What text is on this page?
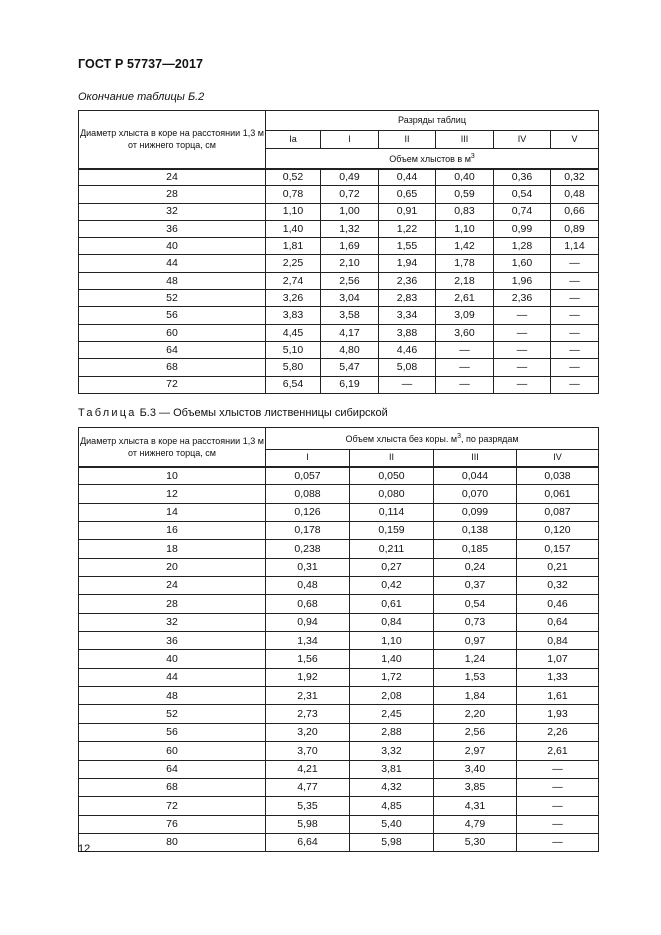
ГОСТ Р 57737—2017
Окончание таблицы Б.2
Диаметр хлыста в коре на расстоянии 1,3 м от нижнего торца, см	Разряды таблиц					
	Ia	I	II	III	IV	V
	Объем хлыстов в $м^3$
24	0,52	0,49	0,44	0,40	0,36	0,32
28	0,78	0,72	0,65	0,59	0,54	0,48
32	1,10	1,00	0,91	0,83	0,74	0,66
36	1,40	1,32	1,22	1,10	0,99	0,89
40	1,81	1,69	1,55	1,42	1,28	1,14
44	2,25	2,10	1,94	1,78	1,60	—
48	2,74	2,56	2,36	2,18	1,96	—
52	3,26	3,04	2,83	2,61	2,36	—
56	3,83	3,58	3,34	3,09	—	—
60	4,45	4,17	3,88	3,60	—	—
64	5,10	4,80	4,46	—	—	—
68	5,80	5,47	5,08	—	—	—
72	6,54	6,19	—	—	—	—
Таблица Б.3 — Объемы хлыстов лиственницы сибирской
Диаметр хлыста в коре на расстоянии 1,3 м от нижнего торца, см	Объем хлыста без коры. $м^3$, по разрядам			
	I	II	III	IV
10	0,057	0,050	0,044	0,038
12	0,088	0,080	0,070	0,061
14	0,126	0,114	0,099	0,087
16	0,178	0,159	0,138	0,120
18	0,238	0,211	0,185	0,157
20	0,31	0,27	0,24	0,21
24	0,48	0,42	0,37	0,32
28	0,68	0,61	0,54	0,46
32	0,94	0,84	0,73	0,64
36	1,34	1,10	0,97	0,84
40	1,56	1,40	1,24	1,07
44	1,92	1,72	1,53	1,33
48	2,31	2,08	1,84	1,61
52	2,73	2,45	2,20	1,93
56	3,20	2,88	2,56	2,26
60	3,70	3,32	2,97	2,61
64	4,21	3,81	3,40	—
68	4,77	4,32	3,85	—
72	5,35	4,85	4,31	—
76	5,98	5,40	4,79	—
80	6,64	5,98	5,30	—
12
